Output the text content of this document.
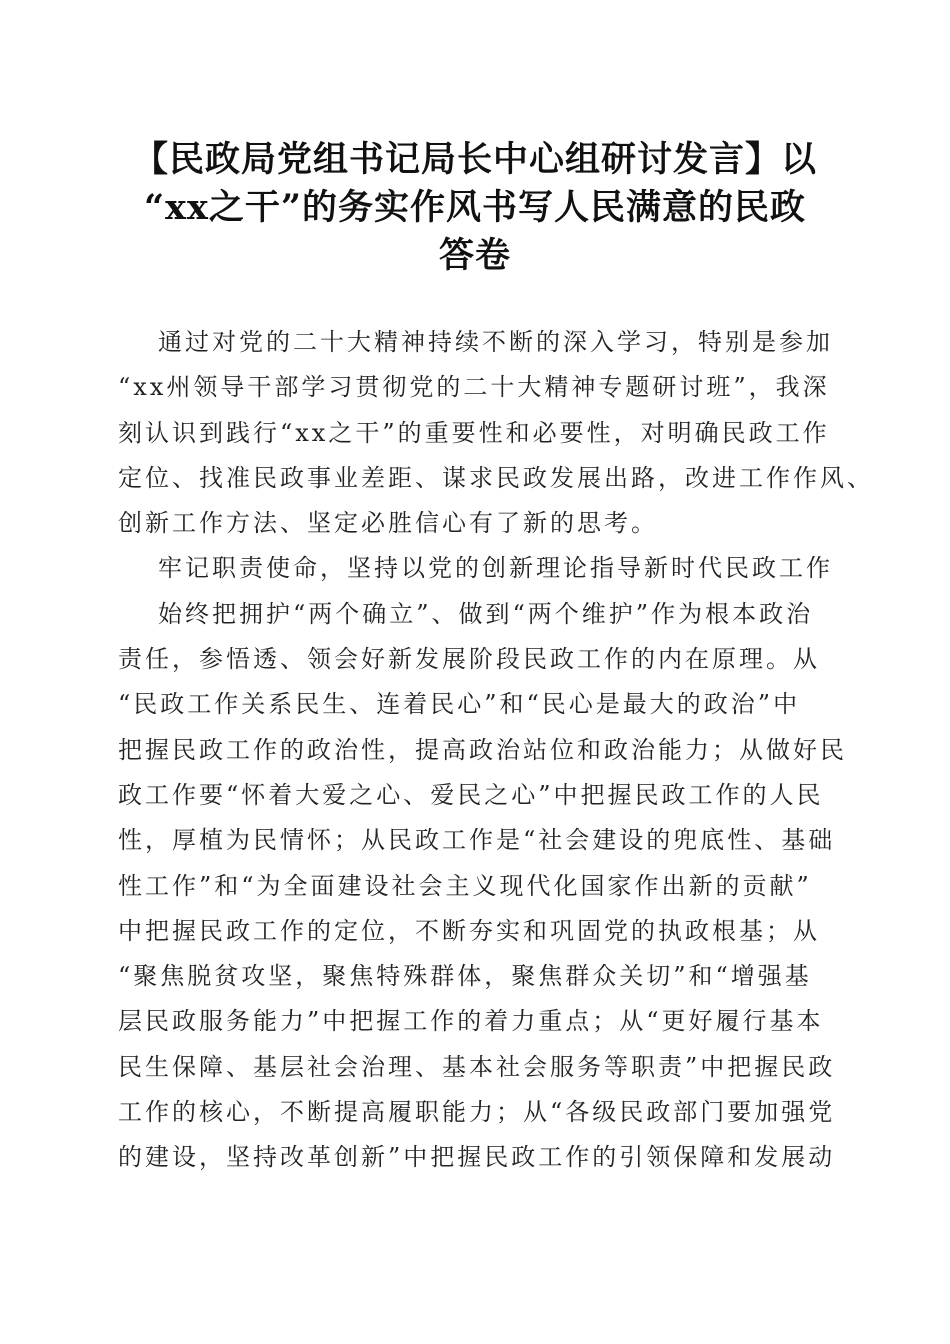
【民政局党组书记局长中心组研讨发言】以
“xx之干”的务实作风书写人民满意的民政
答卷

通过对党的二十大精神持续不断的深入学习，特别是参加
“xx州领导干部学习贯彻党的二十大精神专题研讨班”，我深
刻认识到践行“xx之干”的重要性和必要性，对明确民政工作
定位、找准民政事业差距、谋求民政发展出路，改进工作作风、
创新工作方法、坚定必胜信心有了新的思考。

牢记职责使命，坚持以党的创新理论指导新时代民政工作

始终把拥护“两个确立”、做到“两个维护”作为根本政治
责任，参悟透、领会好新发展阶段民政工作的内在原理。从
“民政工作关系民生、连着民心”和“民心是最大的政治”中
把握民政工作的政治性，提高政治站位和政治能力；从做好民
政工作要“怀着大爱之心、爱民之心”中把握民政工作的人民
性，厚植为民情怀；从民政工作是“社会建设的兜底性、基础
性工作”和“为全面建设社会主义现代化国家作出新的贡献”
中把握民政工作的定位，不断夯实和巩固党的执政根基；从
“聚焦脱贫攻坚，聚焦特殊群体，聚焦群众关切”和“增强基
层民政服务能力”中把握工作的着力重点；从“更好履行基本
民生保障、基层社会治理、基本社会服务等职责”中把握民政
工作的核心，不断提高履职能力；从“各级民政部门要加强党
的建设，坚持改革创新”中把握民政工作的引领保障和发展动
